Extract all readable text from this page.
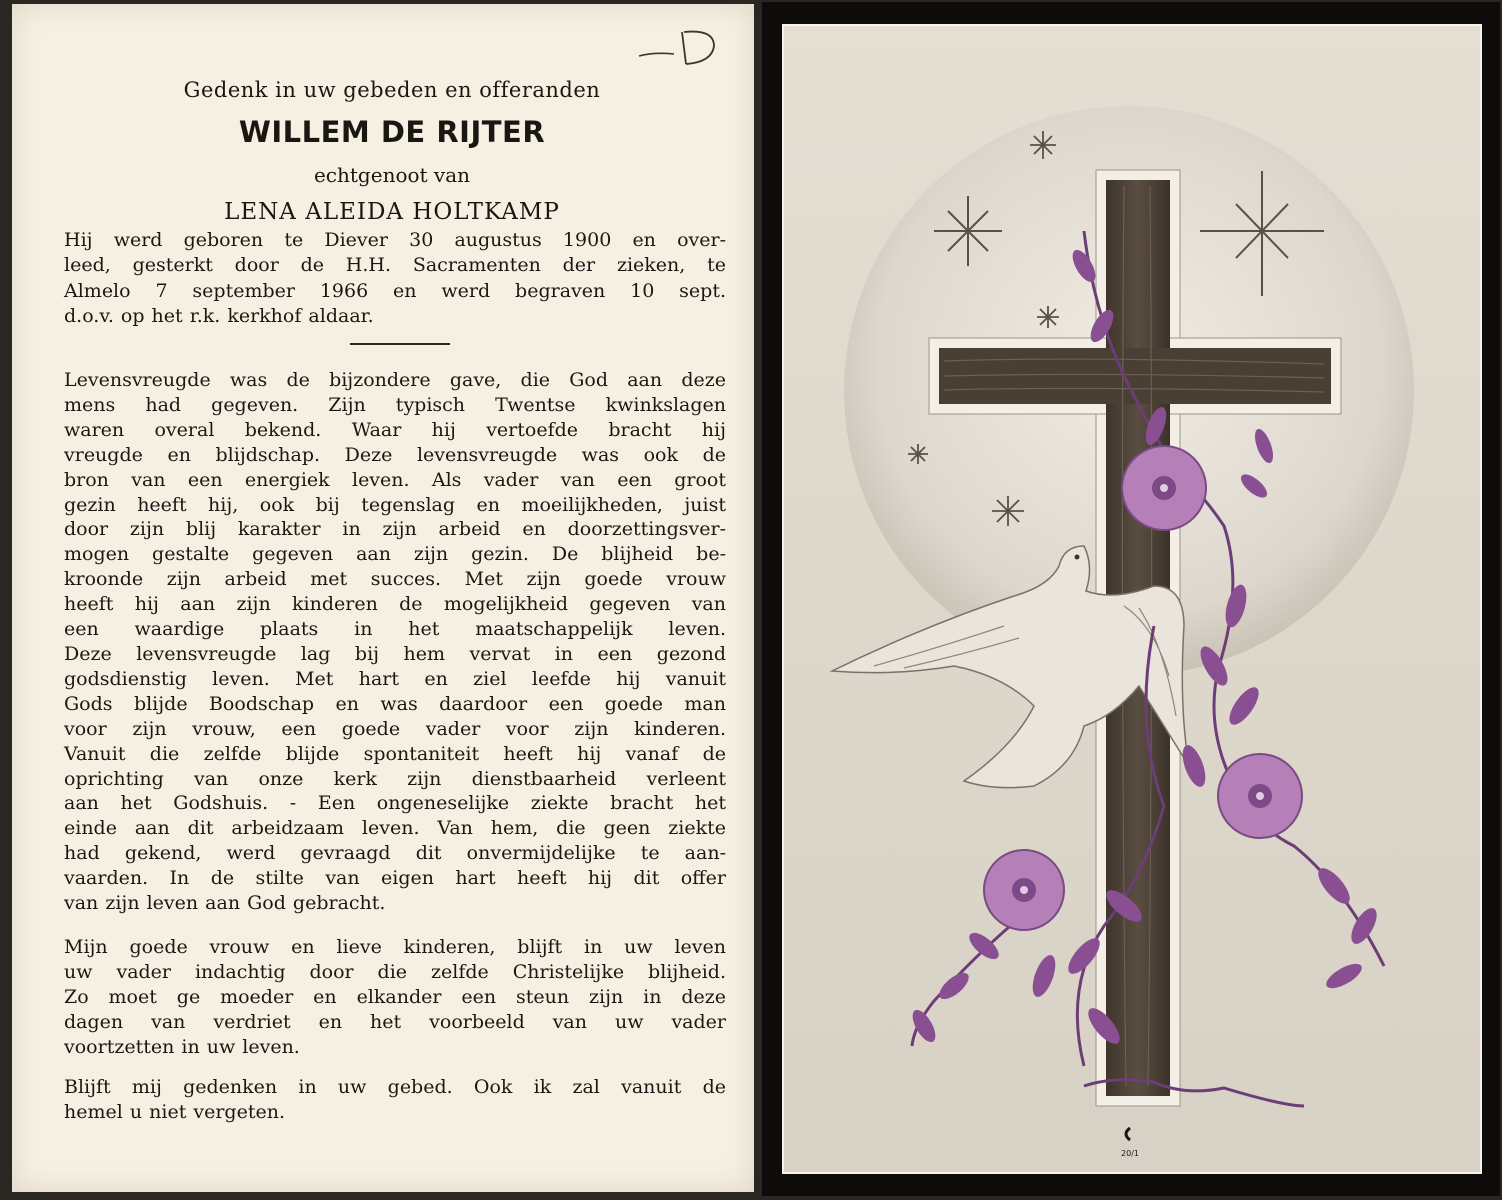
Gedenk in uw gebeden en offeranden

WILLEM DE RIJTER

echtgenoot van

LENA ALEIDA HOLTKAMP

Hij werd geboren te Diever 30 augustus 1900 en over-
leed, gesterkt door de H.H. Sacramenten der zieken, te
Almelo 7 september 1966 en werd begraven 10 sept.
d.o.v. op het r.k. kerkhof aldaar.
Levensvreugde was de bijzondere gave, die God aan deze
mens had gegeven. Zijn typisch Twentse kwinkslagen
waren overal bekend. Waar hij vertoefde bracht hij
vreugde en blijdschap. Deze levensvreugde was ook de
bron van een energiek leven. Als vader van een groot
gezin heeft hij, ook bij tegenslag en moeilijkheden, juist
door zijn blij karakter in zijn arbeid en doorzettingsver-
mogen gestalte gegeven aan zijn gezin. De blijheid be-
kroonde zijn arbeid met succes. Met zijn goede vrouw
heeft hij aan zijn kinderen de mogelijkheid gegeven van
een waardige plaats in het maatschappelijk leven.
Deze levensvreugde lag bij hem vervat in een gezond
godsdienstig leven. Met hart en ziel leefde hij vanuit
Gods blijde Boodschap en was daardoor een goede man
voor zijn vrouw, een goede vader voor zijn kinderen.
Vanuit die zelfde blijde spontaniteit heeft hij vanaf de
oprichting van onze kerk zijn dienstbaarheid verleent
aan het Godshuis. - Een ongeneselijke ziekte bracht het
einde aan dit arbeidzaam leven. Van hem, die geen ziekte
had gekend, werd gevraagd dit onvermijdelijke te aan-
vaarden. In de stilte van eigen hart heeft hij dit offer
van zijn leven aan God gebracht.
Mijn goede vrouw en lieve kinderen, blijft in uw leven
uw vader indachtig door die zelfde Christelijke blijheid.
Zo moet ge moeder en elkander een steun zijn in deze
dagen van verdriet en het voorbeeld van uw vader
voortzetten in uw leven.
Blijft mij gedenken in uw gebed. Ook ik zal vanuit de
hemel u niet vergeten.
20/1
